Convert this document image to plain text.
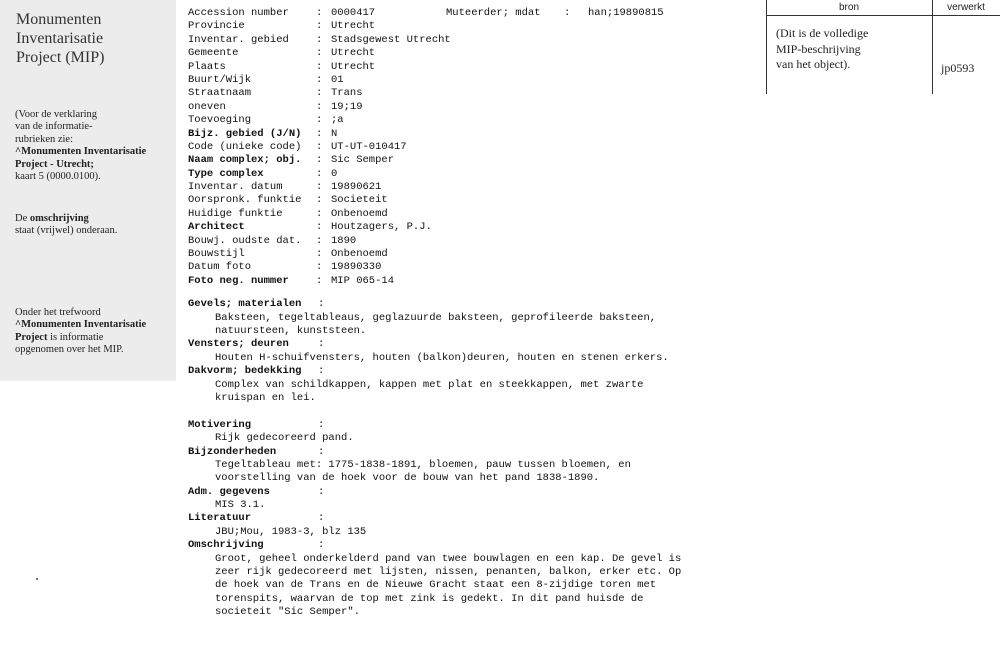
Monumenten
Inventarisatie
Project (MIP)
(Voor de verklaring
van de informatie-
rubrieken zie:
^Monumenten Inventarisatie
Project - Utrecht;
kaart 5 (0000.0100).
De omschrijving
staat (vrijwel) onderaan.
Onder het trefwoord
^Monumenten Inventarisatie
Project is informatie
opgenomen over het MIP.
bron	verwerkt
(Dit is de volledige
MIP-beschrijving
van het object).	jp0593
Accession number	: 0000417	Muteerder; mdat : han;19890815
Provincie	: Utrecht
Inventar. gebied	: Stadsgewest Utrecht
Gemeente	: Utrecht
Plaats	: Utrecht
Buurt/Wijk	: 01
Straatnaam	: Trans
oneven	: 19;19
Toevoeging	: ;a
Bijz. gebied (J/N) : N
Code (unieke code) : UT-UT-010417
Naam complex; obj. : Sic Semper
Type complex	: 0
Inventar. datum	: 19890621
Oorspronk. funktie : Societeit
Huidige funktie	: Onbenoemd
Architect	: Houtzagers, P.J.
Bouwj. oudste dat. : 1890
Bouwstijl	: Onbenoemd
Datum foto	: 19890330
Foto neg. nummer	: MIP 065-14
Gevels; materialen :
Baksteen, tegeltableaus, geglazuurde baksteen, geprofileerde baksteen,
natuursteen, kunststeen.
Vensters; deuren	:
Houten H-schuifvensters, houten (balkon)deuren, houten en stenen erkers.
Dakvorm; bedekking :
Complex van schildkappen, kappen met plat en steekkappen, met zwarte
kruispan en lei.
Motivering	:
Rijk gedecoreerd pand.
Bijzonderheden	:
Tegeltableau met: 1775-1838-1891, bloemen, pauw tussen bloemen, en
voorstelling van de hoek voor de bouw van het pand 1838-1890.
Adm. gegevens	:
MIS 3.1.
Literatuur	:
JBU;Mou, 1983-3, blz 135
Omschrijving	:
Groot, geheel onderkelderd pand van twee bouwlagen en een kap. De gevel is
zeer rijk gedecoreerd met lijsten, nissen, penanten, balkon, erker etc. Op
de hoek van de Trans en de Nieuwe Gracht staat een 8-zijdige toren met
torenspits, waarvan de top met zink is gedekt. In dit pand huisde de
societeit "Sic Semper".
